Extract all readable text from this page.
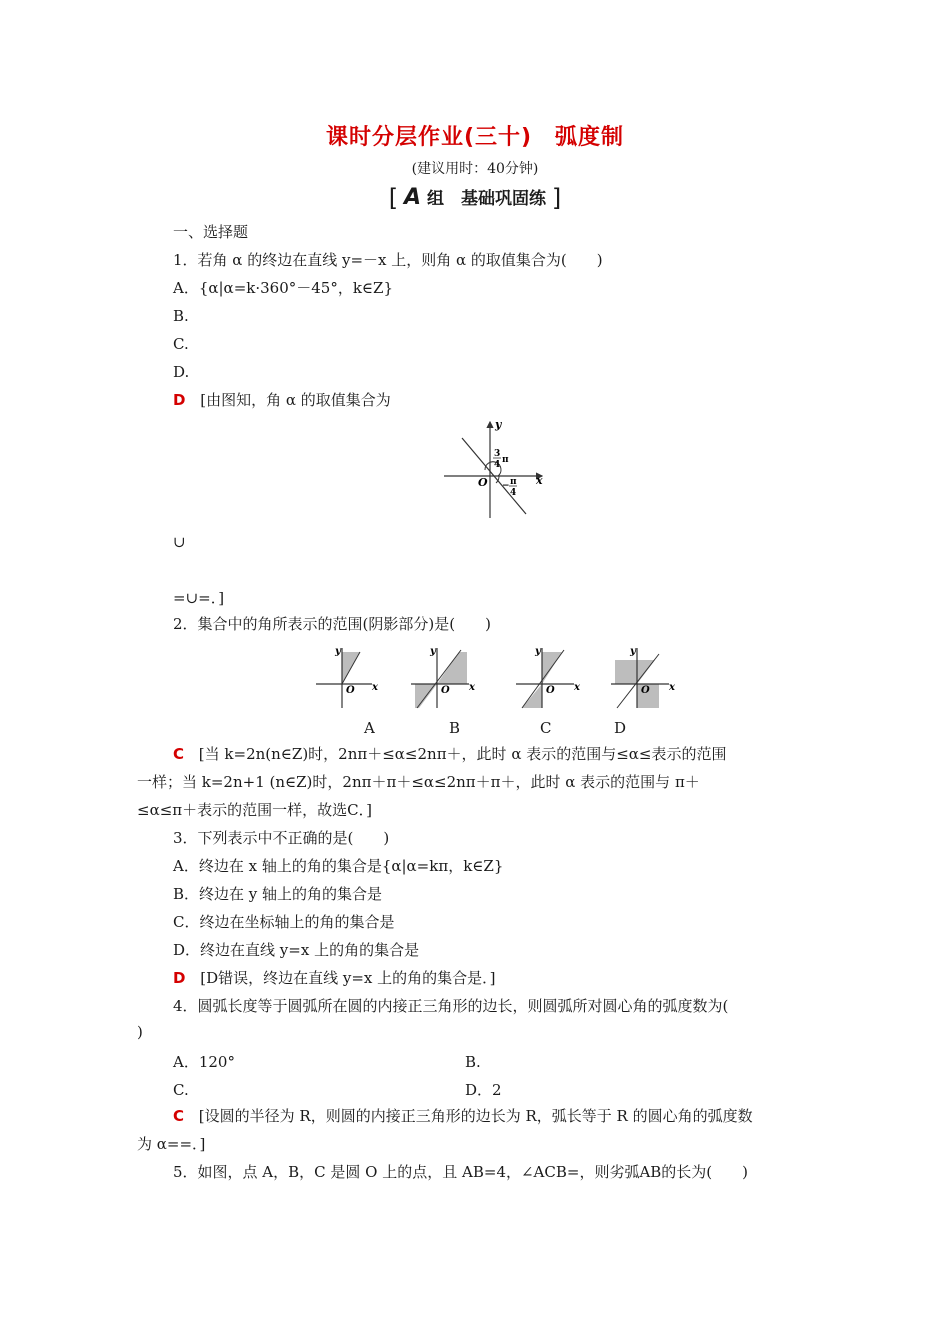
课时分层作业(三十)　弧度制
(建议用时：40分钟)
[ A 组　基础巩固练 ]
一、选择题
1．若角 α 的终边在直线 y=－x 上，则角 α 的取值集合为(　　)
A．{α|α=k·360°－45°，k∈Z}
B.
C.
D.
D [由图知，角 α 的取值集合为
y
x
O
3
4 π
− π
4
∪
=∪=．]
2．集合中的角所表示的范围(阴影部分)是(　　)
y
x
O
y
x
O
y
x
O
y
x
O
A	B	C	D
C [当 k=2n(n∈Z)时，2nπ＋≤α≤2nπ＋，此时 α 表示的范围与≤α≤表示的范围
一样；当 k=2n+1 (n∈Z)时，2nπ＋π＋≤α≤2nπ＋π＋，此时 α 表示的范围与 π＋
≤α≤π＋表示的范围一样，故选C．]
3．下列表示中不正确的是(　　)
A．终边在 x 轴上的角的集合是{α|α=kπ，k∈Z}
B．终边在 y 轴上的角的集合是
C．终边在坐标轴上的角的集合是
D．终边在直线 y=x 上的角的集合是
D [D错误，终边在直线 y=x 上的角的集合是．]
4．圆弧长度等于圆弧所在圆的内接正三角形的边长，则圆弧所对圆心角的弧度数为(
)
A．120°	B.
C.	D．2
C [设圆的半径为 R，则圆的内接正三角形的边长为 R，弧长等于 R 的圆心角的弧度数
为 α==．]
5．如图，点 A，B，C 是圆 O 上的点，且 AB=4，∠ACB=，则劣弧AB的长为(　　)
